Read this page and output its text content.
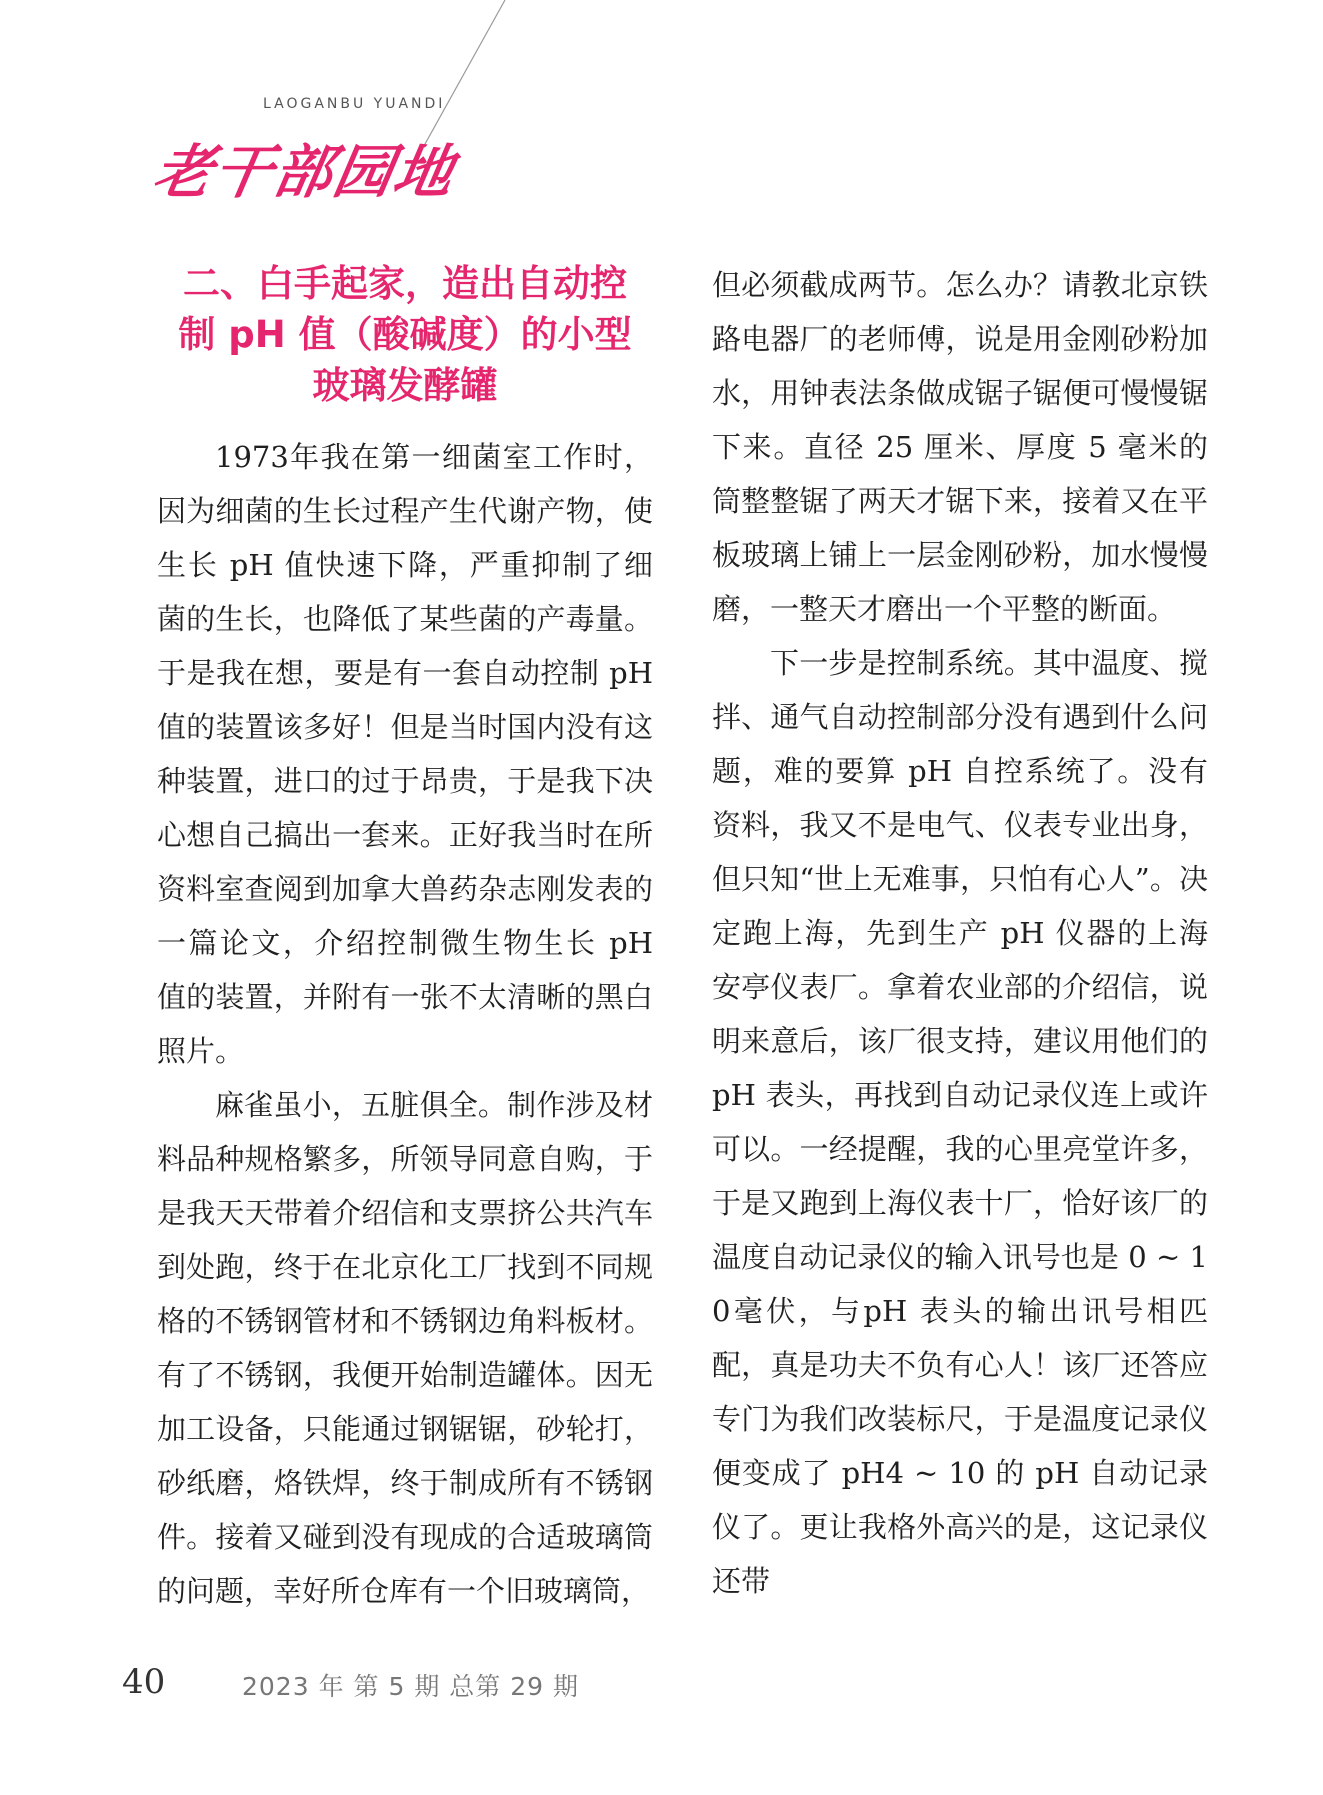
LAOGANBU YUANDI
老干部园地
二、白手起家，造出自动控
制 pH 值（酸碱度）的小型
玻璃发酵罐

1973年我在第一细菌室工作时，因为细菌的生长过程产生代谢产物，使生长 pH 值快速下降，严重抑制了细菌的生长，也降低了某些菌的产毒量。于是我在想，要是有一套自动控制 pH 值的装置该多好！但是当时国内没有这种装置，进口的过于昂贵，于是我下决心想自己搞出一套来。正好我当时在所资料室查阅到加拿大兽药杂志刚发表的一篇论文，介绍控制微生物生长 pH 值的装置，并附有一张不太清晰的黑白照片。

麻雀虽小，五脏俱全。制作涉及材料品种规格繁多，所领导同意自购，于是我天天带着介绍信和支票挤公共汽车到处跑，终于在北京化工厂找到不同规格的不锈钢管材和不锈钢边角料板材。有了不锈钢，我便开始制造罐体。因无加工设备，只能通过钢锯锯，砂轮打，砂纸磨，烙铁焊，终于制成所有不锈钢件。接着又碰到没有现成的合适玻璃筒的问题，幸好所仓库有一个旧玻璃筒，

但必须截成两节。怎么办？请教北京铁路电器厂的老师傅，说是用金刚砂粉加水，用钟表法条做成锯子锯便可慢慢锯下来。直径 25 厘米、厚度 5 毫米的筒整整锯了两天才锯下来，接着又在平板玻璃上铺上一层金刚砂粉，加水慢慢磨，一整天才磨出一个平整的断面。

下一步是控制系统。其中温度、搅拌、通气自动控制部分没有遇到什么问题，难的要算 pH 自控系统了。没有资料，我又不是电气、仪表专业出身，但只知“世上无难事，只怕有心人”。决定跑上海，先到生产 pH 仪器的上海安亭仪表厂。拿着农业部的介绍信，说明来意后，该厂很支持，建议用他们的 pH 表头，再找到自动记录仪连上或许可以。一经提醒，我的心里亮堂许多，于是又跑到上海仪表十厂，恰好该厂的温度自动记录仪的输入讯号也是 0 ~ 10毫伏，与pH 表头的输出讯号相匹配，真是功夫不负有心人！该厂还答应专门为我们改装标尺，于是温度记录仪便变成了 pH4 ~ 10 的 pH 自动记录仪了。更让我格外高兴的是，这记录仪还带

40	2023 年 第 5 期 总第 29 期
